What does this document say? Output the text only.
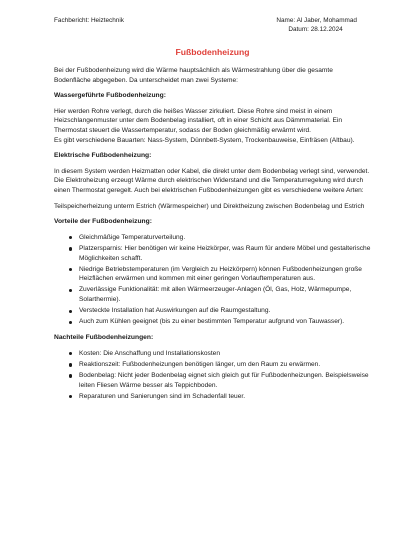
Fachbericht: Heiztechnik	Name: Al Jaber, Mohammad
Datum: 28.12.2024
Fußbodenheizung

Bei der Fußbodenheizung wird die Wärme hauptsächlich als Wärmestrahlung über die gesamte Bodenfläche abgegeben. Da unterscheidet man zwei Systeme:

Wassergeführte Fußbodenheizung:

Hier werden Rohre verlegt, durch die heißes Wasser zirkuliert. Diese Rohre sind meist in einem Heizschlangenmuster unter dem Bodenbelag installiert, oft in einer Schicht aus Dämmmaterial. Ein Thermostat steuert die Wassertemperatur, sodass der Boden gleichmäßig erwärmt wird.
Es gibt verschiedene Bauarten: Nass-System, Dünnbett-System, Trockenbauweise, Einfräsen (Altbau).

Elektrische Fußbodenheizung:

In diesem System werden Heizmatten oder Kabel, die direkt unter dem Bodenbelag verlegt sind, verwendet. Die Elektroheizung erzeugt Wärme durch elektrischen Widerstand und die Temperaturregelung wird durch einen Thermostat geregelt. Auch bei elektrischen Fußbodenheizungen gibt es verschiedene weitere Arten:

Teilspeicherheizung unterm Estrich (Wärmespeicher) und Direktheizung zwischen Bodenbelag und Estrich

Vorteile der Fußbodenheizung:
Gleichmäßige Temperaturverteilung.
Platzersparnis: Hier benötigen wir keine Heizkörper, was Raum für andere Möbel und gestalterische Möglichkeiten schafft.
Niedrige Betriebstemperaturen (im Vergleich zu Heizkörpern) können Fußbodenheizungen große Heizflächen erwärmen und kommen mit einer geringen Vorlauftemperaturen aus.
Zuverlässige Funktionalität: mit allen Wärmeerzeuger-Anlagen (Öl, Gas, Holz, Wärmepumpe, Solarthermie).
Versteckte Installation hat Auswirkungen auf die Raumgestaltung.
Auch zum Kühlen geeignet (bis zu einer bestimmten Temperatur aufgrund von Tauwasser).
Nachteile Fußbodenheizungen:
Kosten: Die Anschaffung und Installationskosten
Reaktionszeit: Fußbodenheizungen benötigen länger, um den Raum zu erwärmen.
Bodenbelag: Nicht jeder Bodenbelag eignet sich gleich gut für Fußbodenheizungen. Beispielsweise leiten Fliesen Wärme besser als Teppichboden.
Reparaturen und Sanierungen sind im Schadenfall teuer.
